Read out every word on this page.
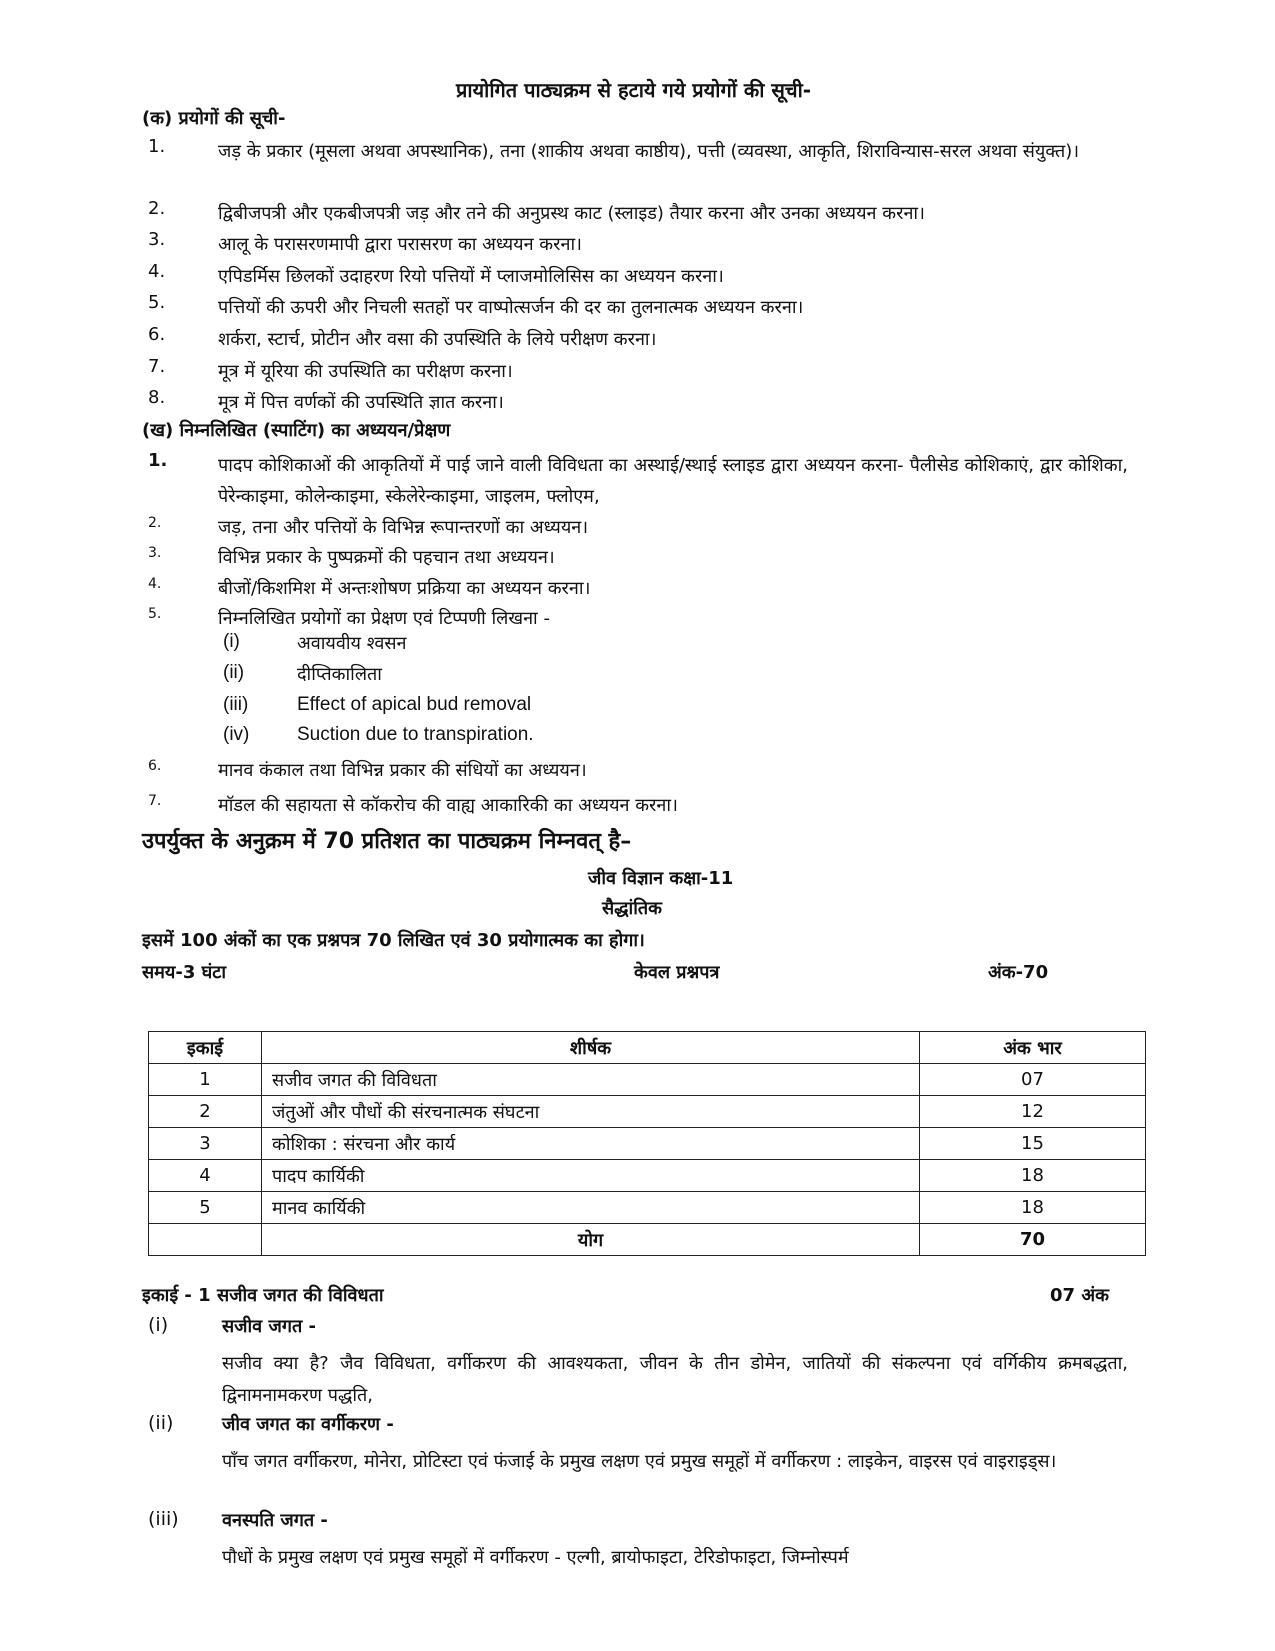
प्रायोगित पाठ्यक्रम से हटाये गये प्रयोगों की सूची-
(क) प्रयोगों की सूची-
1.	जड़ के प्रकार (मूसला अथवा अपस्थानिक), तना (शाकीय अथवा काष्ठीय), पत्ती (व्यवस्था, आकृति, शिराविन्यास-सरल अथवा संयुक्त)।
2.	द्विबीजपत्री और एकबीजपत्री जड़ और तने की अनुप्रस्थ काट (स्लाइड) तैयार करना और उनका अध्ययन करना।
3.	आलू के परासरणमापी द्वारा परासरण का अध्ययन करना।
4.	एपिडर्मिस छिलकों उदाहरण रियो पत्तियों में प्लाजमोलिसिस का अध्ययन करना।
5.	पत्तियों की ऊपरी और निचली सतहों पर वाष्पोत्सर्जन की दर का तुलनात्मक अध्ययन करना।
6.	शर्करा, स्टार्च, प्रोटीन और वसा की उपस्थिति के लिये परीक्षण करना।
7.	मूत्र में यूरिया की उपस्थिति का परीक्षण करना।
8.	मूत्र में पित्त वर्णकों की उपस्थिति ज्ञात करना।
(ख) निम्नलिखित (स्पाटिंग) का अध्ययन/प्रेक्षण
1.	पादप कोशिकाओं की आकृतियों में पाई जाने वाली विविधता का अस्थाई/स्थाई स्लाइड द्वारा अध्ययन करना- पैलीसेड कोशिकाएं, द्वार कोशिका, पेरेन्काइमा, कोलेन्काइमा, स्केलेरेन्काइमा, जाइलम, फ्लोएम,
2.	जड़, तना और पत्तियों के विभिन्न रूपान्तरणों का अध्ययन।
3.	विभिन्न प्रकार के पुष्पक्रमों की पहचान तथा अध्ययन।
4.	बीजों/किशमिश में अन्तःशोषण प्रक्रिया का अध्ययन करना।
5.	निम्नलिखित प्रयोगों का प्रेक्षण एवं टिप्पणी लिखना -
(i)	अवायवीय श्वसन
(ii)	दीप्तिकालिता
(iii)	Effect of apical bud removal
(iv)	Suction due to transpiration.
6.	मानव कंकाल तथा विभिन्न प्रकार की संधियों का अध्ययन।
7.	मॉडल की सहायता से कॉकरोच की वाह्य आकारिकी का अध्ययन करना।
उपर्युक्त के अनुक्रम में 70 प्रतिशत का पाठ्यक्रम निम्नवत् है–
जीव विज्ञान कक्षा-11
सैद्धांतिक
इसमें 100 अंकों का एक प्रश्नपत्र 70 लिखित एवं 30 प्रयोगात्मक का होगा।
समय-3 घंटा	केवल प्रश्नपत्र	अंक-70
इकाई	शीर्षक	अंक भार
1	सजीव जगत की विविधता	07
2	जंतुओं और पौधों की संरचनात्मक संघटना	12
3	कोशिका : संरचना और कार्य	15
4	पादप कार्यिकी	18
5	मानव कार्यिकी	18
	योग	70
इकाई - 1 सजीव जगत की विविधता	07 अंक
(i)	सजीव जगत -
सजीव क्या है? जैव विविधता, वर्गीकरण की आवश्यकता, जीवन के तीन डोमेन, जातियों की संकल्पना एवं वर्गिकीय क्रमबद्धता, द्विनामनामकरण पद्धति,
(ii)	जीव जगत का वर्गीकरण -
पाँच जगत वर्गीकरण, मोनेरा, प्रोटिस्टा एवं फंजाई के प्रमुख लक्षण एवं प्रमुख समूहों में वर्गीकरण : लाइकेन, वाइरस एवं वाइराइड्स।
(iii) वनस्पति जगत -
पौधों के प्रमुख लक्षण एवं प्रमुख समूहों में वर्गीकरण - एल्गी, ब्रायोफाइटा, टेरिडोफाइटा, जिम्नोस्पर्म
